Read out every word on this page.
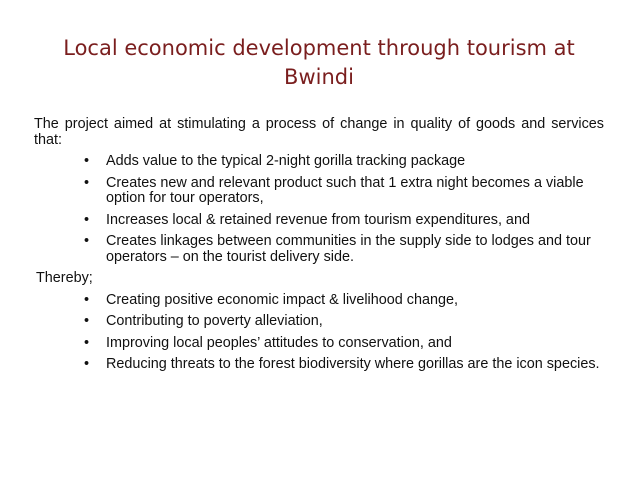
Local economic development through tourism at Bwindi

The project aimed at stimulating a process of change in quality of goods and services that:

• Adds value to the typical 2-night gorilla tracking package
• Creates new and relevant product such that 1 extra night becomes a viable option for tour operators,
• Increases local & retained revenue from tourism expenditures, and
• Creates linkages between communities in the supply side to lodges and tour operators – on the tourist delivery side.

Thereby;

• Creating positive economic impact & livelihood change,
• Contributing to poverty alleviation,
• Improving local peoples’ attitudes to conservation, and
• Reducing threats to the forest biodiversity where gorillas are the icon species.
